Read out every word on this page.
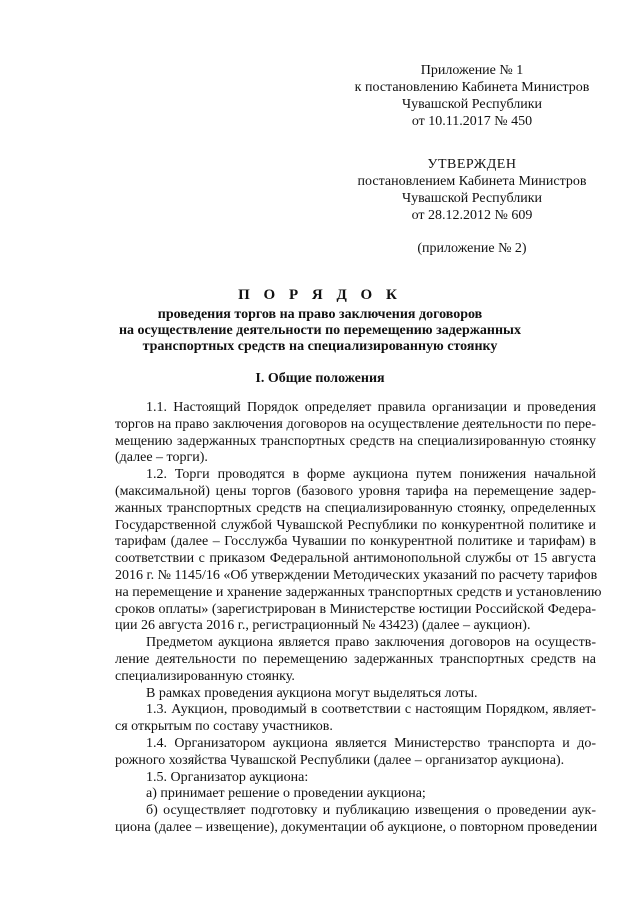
Приложение № 1
к постановлению Кабинета Министров
Чувашской Республики
от 10.11.2017 № 450
УТВЕРЖДЕН
постановлением Кабинета Министров
Чувашской Республики
от 28.12.2012 № 609
(приложение № 2)
П О Р Я Д О К
проведения торгов на право заключения договоров
на осуществление деятельности по перемещению задержанных
транспортных средств на специализированную стоянку
I. Общие положения
1.1. Настоящий Порядок определяет правила организации и проведения
торгов на право заключения договоров на осуществление деятельности по пере-
мещению задержанных транспортных средств на специализированную стоянку
(далее – торги).
1.2. Торги проводятся в форме аукциона путем понижения начальной
(максимальной) цены торгов (базового уровня тарифа на перемещение задер-
жанных транспортных средств на специализированную стоянку, определенных
Государственной службой Чувашской Республики по конкурентной политике и
тарифам (далее – Госслужба Чувашии по конкурентной политике и тарифам) в
соответствии с приказом Федеральной антимонопольной службы от 15 августа
2016 г. № 1145/16 «Об утверждении Методических указаний по расчету тарифов
на перемещение и хранение задержанных транспортных средств и установлению
сроков оплаты» (зарегистрирован в Министерстве юстиции Российской Федера-
ции 26 августа 2016 г., регистрационный № 43423) (далее – аукцион).
Предметом аукциона является право заключения договоров на осуществ-
ление деятельности по перемещению задержанных транспортных средств на
специализированную стоянку.
В рамках проведения аукциона могут выделяться лоты.
1.3. Аукцион, проводимый в соответствии с настоящим Порядком, являет-
ся открытым по составу участников.
1.4. Организатором аукциона является Министерство транспорта и до-
рожного хозяйства Чувашской Республики (далее – организатор аукциона).
1.5. Организатор аукциона:
а) принимает решение о проведении аукциона;
б) осуществляет подготовку и публикацию извещения о проведении аук-
циона (далее – извещение), документации об аукционе, о повторном проведении
